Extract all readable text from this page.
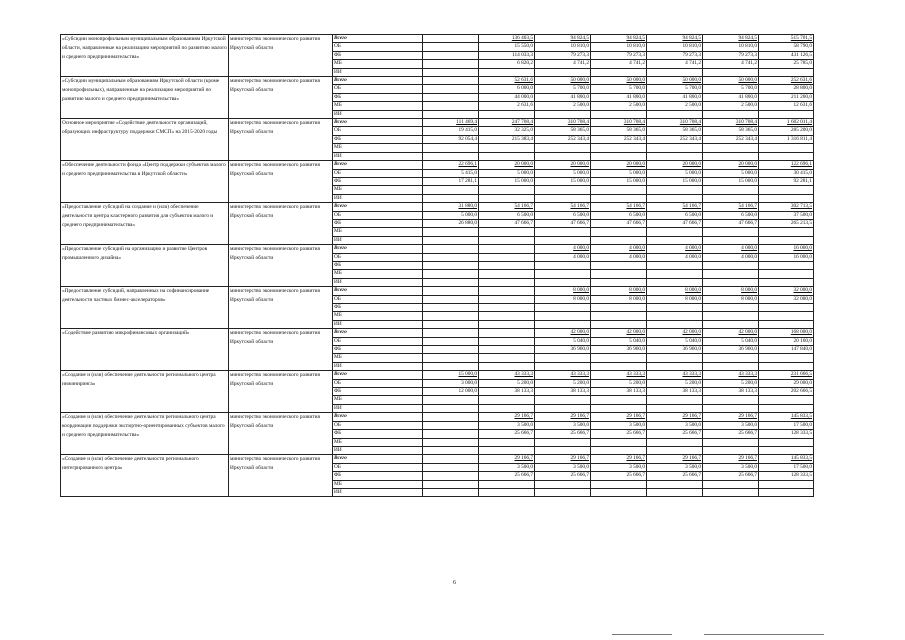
«Субсидии монопрофильным муниципальным образованиям Иркутской области, направленные на реализацию мероприятий по развитию малого и среднего предпринимательства»	министерство экономического развития Иркутской области	Всего		136 403,5	94 824,5	94 824,5	94 824,5	94 824,5	515 701,5
		ОБ		15 550,0	10 810,0	10 810,0	10 810,0	10 810,0	58 790,0
		ФБ		114 033,3	79 273,3	79 273,3	79 273,3	79 273,3	431 126,5
		МБ		6 820,2	4 741,2	4 741,2	4 741,2	4 741,2	25 785,0
		ИИ							
«Субсидии муниципальным образованиям Иркутской области (кроме монопрофильных), направленные на реализацию мероприятий по развитию малого и среднего предпринимательства»	министерство экономического развития Иркутской области	Всего		52 631,6	50 000,0	50 000,0	50 000,0	50 000,0	252 631,6
		ОБ		6 000,0	5 700,0	5 700,0	5 700,0	5 700,0	28 800,0
		ФБ		44 000,0	41 800,0	41 800,0	41 800,0	41 800,0	211 200,0
		МБ		2 631,6	2 500,0	2 500,0	2 500,0	2 500,0	12 631,6
		ИИ							
Основное мероприятие «Содействие деятельности организаций, образующих инфраструктуру поддержки СМСП» на 2015-2020 годы	министерство экономического развития Иркутской области	Всего	111 469,4	247 708,4	310 708,4	310 708,4	310 708,4	310 708,4	1 602 011,4
		ОБ	19 415,0	32 325,0	58 365,0	58 365,0	58 365,0	58 365,0	285 200,0
		ФБ	92 054,4	215 383,4	252 343,4	252 343,4	252 343,4	252 343,4	1 316 811,4
		МБ							
		ИИ							
«Обеспечение деятельности фонда «Центр поддержки субъектов малого и среднего предпринимательства в Иркутской области»	министерство экономического развития Иркутской области	Всего	22 696,1	20 000,0	20 000,0	20 000,0	20 000,0	20 000,0	122 696,1
		ОБ	5 415,0	5 000,0	5 000,0	5 000,0	5 000,0	5 000,0	30 415,0
		ФБ	17 281,1	15 000,0	15 000,0	15 000,0	15 000,0	15 000,0	92 281,1
		МБ							
		ИИ							
«Предоставление субсидий на создание и (или) обеспечение деятельности центра кластерного развития для субъектов малого и среднего предпринимательства»	министерство экономического развития Иркутской области	Всего	31 880,0	54 166,7	54 166,7	54 166,7	54 166,7	54 166,7	302 713,5
		ОБ	5 000,0	6 500,0	6 500,0	6 500,0	6 500,0	6 500,0	37 500,0
		ФБ	26 880,0	47 666,7	47 666,7	47 666,7	47 666,7	47 666,7	265 213,5
		МБ							
		ИИ							
«Предоставление субсидий на организацию и развитие Центров промышленного дизайна»	министерство экономического развития Иркутской области	Всего			4 000,0	4 000,0	4 000,0	4 000,0	16 000,0
		ОБ			4 000,0	4 000,0	4 000,0	4 000,0	16 000,0
		ФБ							
		МБ							
		ИИ							
«Предоставление субсидий, направленных на софинансирование деятельности частных бизнес-акселераторов»	министерство экономического развития Иркутской области	Всего			8 000,0	8 000,0	8 000,0	8 000,0	32 000,0
		ОБ			8 000,0	8 000,0	8 000,0	8 000,0	32 000,0
		ФБ							
		МБ							
		ИИ							
«Содействие развитию микрофинансовых организаций»	министерство экономического развития Иркутской области	Всего			42 000,0	42 000,0	42 000,0	42 000,0	168 000,0
		ОБ			5 040,0	5 040,0	5 040,0	5 040,0	20 160,0
		ФБ			36 960,0	36 960,0	36 960,0	36 960,0	147 840,0
		МБ							
		ИИ							
«Создание и (или) обеспечение деятельности регионального центра инжиниринга»	министерство экономического развития Иркутской области	Всего	15 000,0	43 333,3	43 333,3	43 333,3	43 333,3	43 333,3	231 666,5
		ОБ	3 000,0	5 200,0	5 200,0	5 200,0	5 200,0	5 200,0	29 000,0
		ФБ	12 000,0	38 133,3	38 133,3	38 133,3	38 133,3	38 133,3	202 666,5
		МБ							
		ИИ							
«Создание и (или) обеспечение деятельности регионального центра координации поддержки экспортно-ориентированных субъектов малого и среднего предпринимательства»	министерство экономического развития Иркутской области	Всего		29 166,7	29 166,7	29 166,7	29 166,7	29 166,7	145 833,5
		ОБ		3 500,0	3 500,0	3 500,0	3 500,0	3 500,0	17 500,0
		ФБ		25 666,7	25 666,7	25 666,7	25 666,7	25 666,7	128 333,5
		МБ							
		ИИ							
«Создание и (или) обеспечение деятельности регионального интегрированного центра»	министерство экономического развития Иркутской области	Всего		29 166,7	29 166,7	29 166,7	29 166,7	29 166,7	145 833,5
		ОБ		3 500,0	3 500,0	3 500,0	3 500,0	3 500,0	17 500,0
		ФБ		25 666,7	25 666,7	25 666,7	25 666,7	25 666,7	128 333,5
		МБ							
		ИИ							
6
